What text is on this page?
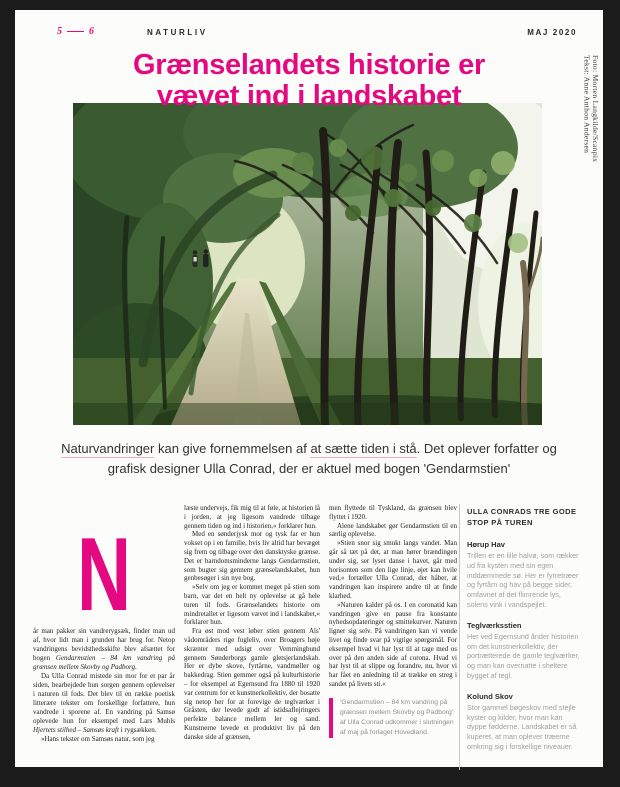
5	6	NATURLIV	MAJ 2020
Grænselandets historie er
vævet ind i landskabet	Tekst: Anne Anthon Andersen Foto: Morten Langkilde/Scanpix

Naturvandringer kan give fornemmelsen af at sætte tiden i stå. Det oplever forfatter og grafisk designer Ulla Conrad, der er aktuel med bogen 'Gendarmstien'

N

år man pakker sin vandrerygsæk, finder man ud af, hvor lidt man i grunden har brug for. Netop vandringens bevidsthedsskifte blev afsættet for bogen Gendarmstien – 84 km vandring på grænsen mellem Skovby og Padborg.

Da Ulla Conrad mistede sin mor for et par år siden, bearbejdede hun sorgen gennem oplevelser i naturen til fods. Det blev til en række poetisk litterære tekster om forskellige forfattere, hun vandrede i sporene af. En vandring på Samsø oplevede hun for eksempel med Lars Muhls Hjertets stilhed – Samsøs kraft i rygsækken.

»Hans tekster om Samsøs natur, som jeg

læste undervejs, fik mig til at føle, at historien lå i jorden, at jeg ligesom vandrede tilbage gennem tiden og ind i historien,« forklarer hun.

Med en sønderjysk mor og tysk far er hun vokset op i en familie, hvis liv altid har bevæget sig frem og tilbage over den dansktyske grænse. Det er barndomsminderne langs Gendarmstien, som bugter sig gennem grænselandskabet, hun genbesøger i sin nye bog.

»Selv om jeg er kommet meget på stien som barn, var det en helt ny oplevelse at gå hele turen til fods. Grænselandets historie om mindretallet er ligesom vævet ind i landskabet,« forklarer hun.

Fra øst mod vest løber stien gennem Als' vådområders rige fugleliv, over Broagers høje skrænter med udsigt over Vemmingbund gennem Sønderborgs gamle gletsjerlandskab. Her er dybe skove, fyrtårne, vandmøller og bakkedrag. Stien gemmer også på kulturhistorie – for eksempel at Egernsund fra 1880 til 1920 var centrum for et kunstnerkollektiv, der bosatte sig netop her for at forevige de teglværker i Gråsten, der levede godt af istidsaflejringers perfekte balance mellem ler og sand. Kunstnerne levede et produktivt liv på den danske side af grænsen,

men flyttede til Tyskland, da grænsen blev flyttet i 1920.

Alene landskabet gør Gendarmstien til en særlig oplevelse.

»Stien snor sig smukt langs vandet. Man går så tæt på det, at man hører brændingen under sig, ser lyset danse i havet, går med horisonten som den lige linje, øjet kan hvile ved,« fortæller Ulla Conrad, der håber, at vandringen kan inspirere andre til at finde klarhed.

»Naturen kalder på os. I en coronatid kan vandringen give en pause fra konstante nyhedsopdateringer og smittekurver. Naturen ligner sig selv. På vandringen kan vi vende livet og finde svar på vigtige spørgsmål. For eksempel hvad vi har lyst til at tage med os over på den anden side af corona. Hvad vi har lyst til at slippe og forandre, nu, hvor vi har fået en anledning til at trække en streg i sandet på livets sti.«

'Gendarmstien – 84 km vandring på grænsen mellem Skovby og Padborg' af Ulla Conrad udkommer i slutningen af maj på forlaget Hovedland.

ULLA CONRADS TRE GODE STOP PÅ TUREN
Hørup Hav

Trillen er en lille halvø, som rækker ud fra kysten med sin egen inddæmmede sø. Her er fyrretræer og fyrtårn og hav på begge sider, omfavnet af det flimrende lys, solens vink i vandspejlet.

Teglværksstien

Her ved Egernsund ånder historien om det kunstnerkollektiv, der portrætterede de gamle teglværker, og man kan overnatte i sheltere bygget af tegl.

Kolund Skov

Stor gammel bøgeskov med stejle kyster og kilder, hvor man kan dyppe fødderne. Landskabet er så kuperet, at man oplever træerne omkring sig i forskellige niveauer.
